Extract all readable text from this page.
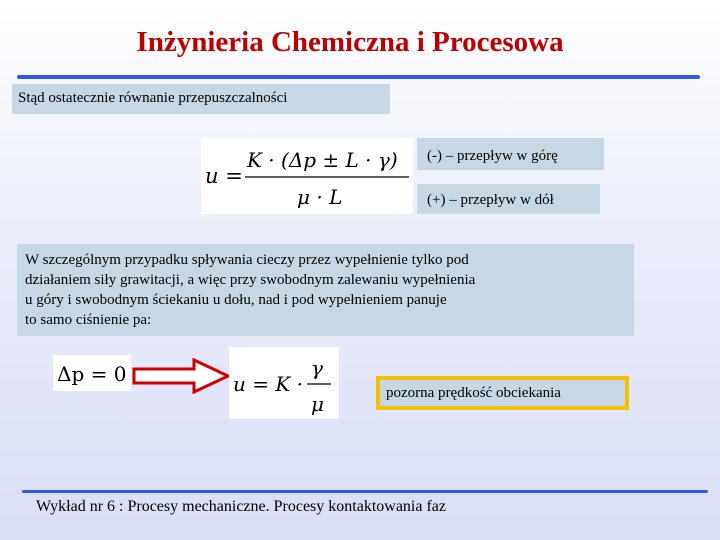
Inżynieria Chemiczna i Procesowa
Stąd ostatecznie równanie przepuszczalności
u =
K · (Δp ± L · γ)
μ · L
(-) – przepływ w górę
(+) – przepływ w dół
W szczególnym przypadku spływania cieczy przez wypełnienie tylko pod
działaniem siły grawitacji, a więc przy swobodnym zalewaniu wypełnienia
u góry i swobodnym ściekaniu u dołu, nad i pod wypełnieniem panuje
to samo ciśnienie pa:
Δp = 0	u = K ·
γ
μ	pozorna prędkość obciekania
Wykład nr 6 : Procesy mechaniczne. Procesy kontaktowania faz
